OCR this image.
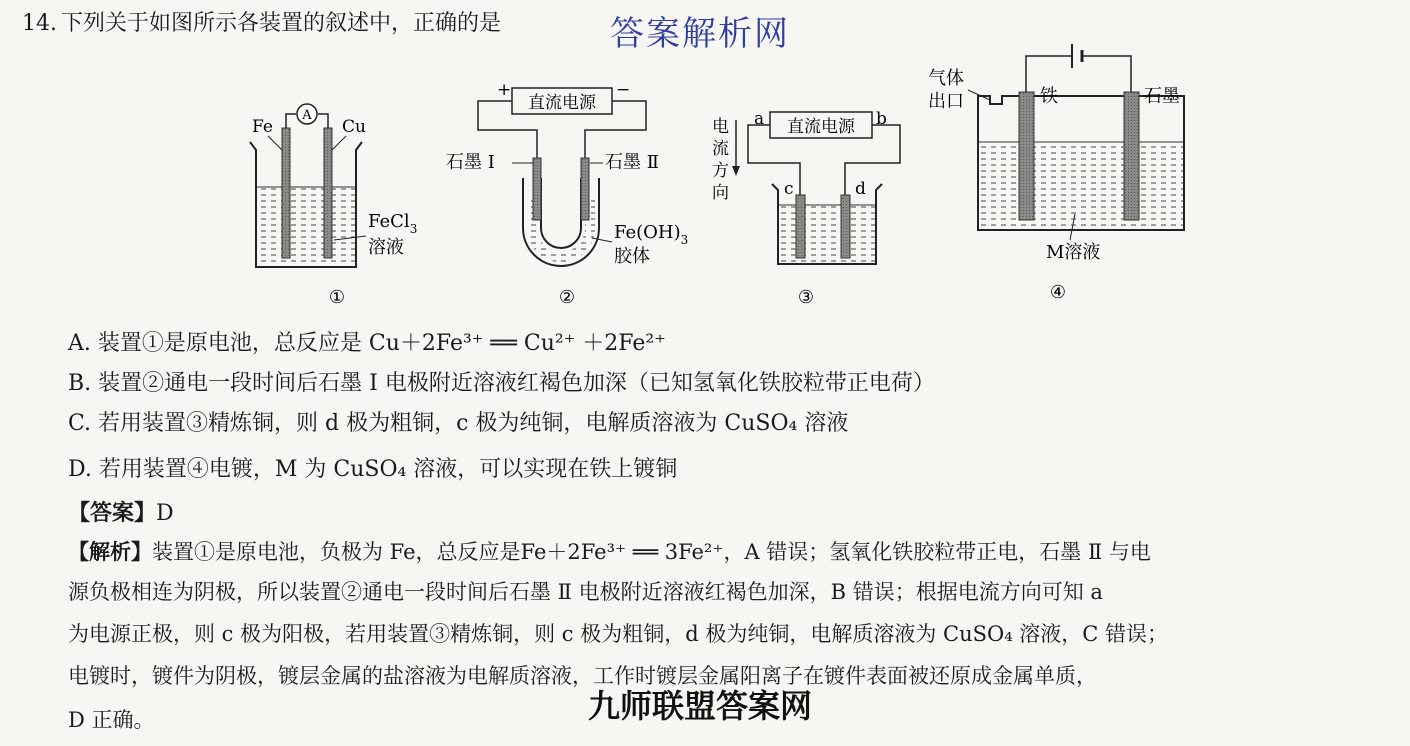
14. 下列关于如图所示各装置的叙述中，正确的是	答案解析网
A
Fe	Cu
FeCl$_3$
溶液
①
直流电源
+	−
石墨 Ⅰ	石墨 Ⅱ
$Fe(OH)_3$
胶体
②
直流电源
a	b
电 流 方 向	c	d
③
气体
出口	铁	石墨
M溶液
④
A. 装置①是原电池，总反应是 Cu＋2Fe³⁺ ══ Cu²⁺ ＋2Fe²⁺
B. 装置②通电一段时间后石墨 Ⅰ 电极附近溶液红褐色加深（已知氢氧化铁胶粒带正电荷）
C. 若用装置③精炼铜，则 d 极为粗铜，c 极为纯铜，电解质溶液为 CuSO₄ 溶液
D. 若用装置④电镀，M 为 CuSO₄ 溶液，可以实现在铁上镀铜
【答案】D
【解析】装置①是原电池，负极为 Fe，总反应是Fe＋2Fe³⁺ ══ 3Fe²⁺，A 错误；氢氧化铁胶粒带正电，石墨 Ⅱ 与电
源负极相连为阴极，所以装置②通电一段时间后石墨 Ⅱ 电极附近溶液红褐色加深，B 错误；根据电流方向可知 a
为电源正极，则 c 极为阳极，若用装置③精炼铜，则 c 极为粗铜，d 极为纯铜，电解质溶液为 CuSO₄ 溶液，C 错误；
电镀时，镀件为阴极，镀层金属的盐溶液为电解质溶液，工作时镀层金属阳离子在镀件表面被还原成金属单质，
D 正确。	九师联盟答案网
